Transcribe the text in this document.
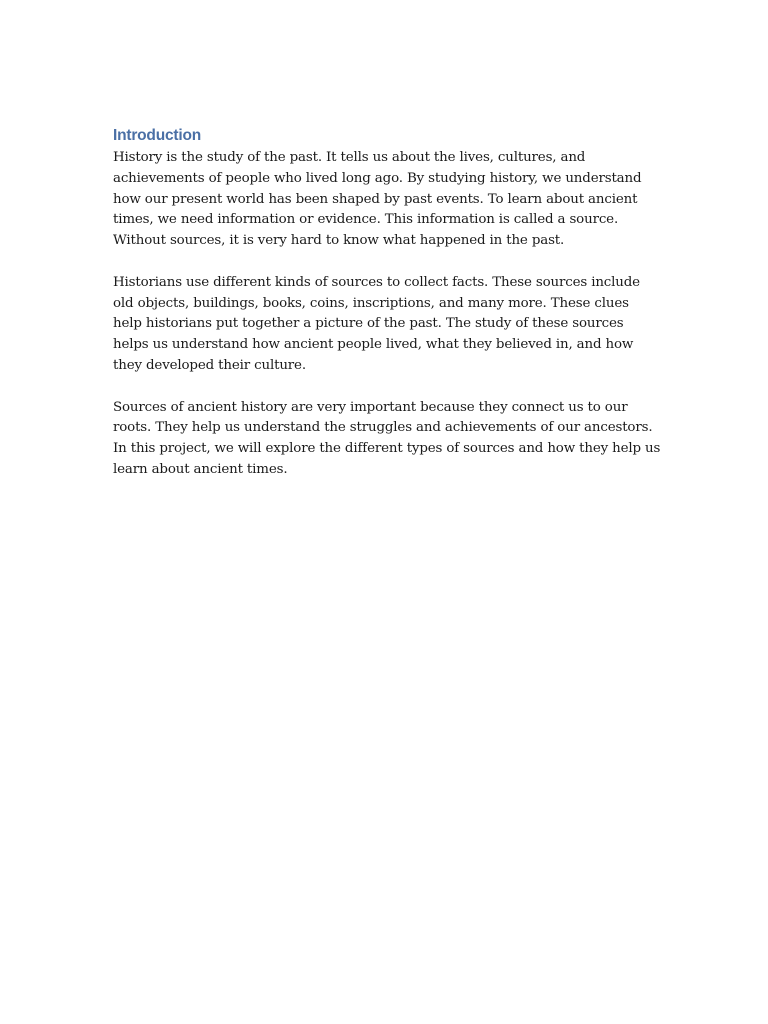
Introduction

History is the study of the past. It tells us about the lives, cultures, and achievements of people who lived long ago. By studying history, we understand how our present world has been shaped by past events. To learn about ancient times, we need information or evidence. This information is called a source. Without sources, it is very hard to know what happened in the past.

Historians use different kinds of sources to collect facts. These sources include old objects, buildings, books, coins, inscriptions, and many more. These clues help historians put together a picture of the past. The study of these sources helps us understand how ancient people lived, what they believed in, and how they developed their culture.

Sources of ancient history are very important because they connect us to our roots. They help us understand the struggles and achievements of our ancestors. In this project, we will explore the different types of sources and how they help us learn about ancient times.
